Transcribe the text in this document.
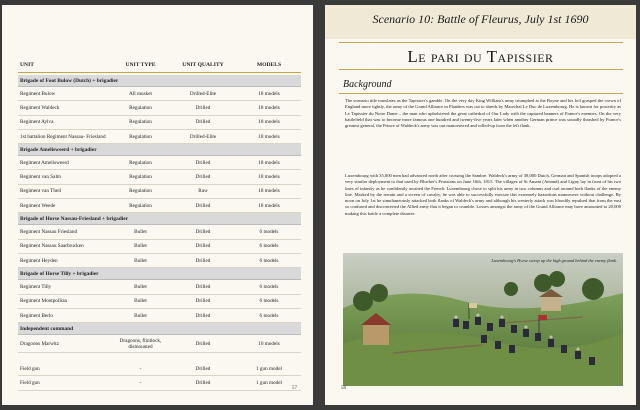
UNIT	UNIT TYPE	UNIT QUALITY	MODELS
Brigade of Foot Bulow (Dutch) + brigadier
Regiment Bulow	All musket	Drilled-Elite	18 models
Regiment Waldeck	Regulation	Drilled	18 models
Regiment Aylva	Regulation	Drilled	18 models
1st battalion Regiment Nassau- Friesland	Regulation	Drilled-Elite	18 models
Brigade Amelisweerd + brigadier
Regiment Amelisweerd	Regulation	Drilled	18 models
Regiment van Salm	Regulation	Drilled	18 models
Regiment van Theil	Regulation	Raw	18 models
Regiment Weede	Regulation	Drilled	18 models
Brigade of Horse Nassau-Friesland + brigadier
Regiment Nassau Friesland	Bullet	Drilled	6 models
Regiment Nassau Saarbrucken	Bullet	Drilled	6 models
Regiment Heyden	Bullet	Drilled	6 models
Brigade of Horse Tilly + brigadier
Regiment Tilly	Bullet	Drilled	6 models
Regiment Montpollian	Bullet	Drilled	6 models
Regiment Berlo	Bullet	Drilled	6 models
Independent command
Dragoons Marwitz	Dragoons, flintlock, dismounted	Drilled	10 models
Field gun	-	Drilled	1 gun model
Field gun	-	Drilled	1 gun model
57
Scenario 10: Battle of Fleurus, July 1st 1690
Le pari du Tapissier
Background

The scenario title translates as the Tapissier's gamble. On the very day King William's army triumphed at the Boyne and his foil grasped the crown of England more tightly, the army of the Grand Alliance in Flanders was cut to shreds by Marechal Le Duc de Luxembourg. He is known for posterity as Le Tapissier du Notre Dame – the man who upholstered the great cathedral of Our Lady with the captured banners of France's enemies. On the very battlefield that was to become more famous one hundred and twenty-five years later when another German prince was soundly thrashed by France's greatest general, the Prince of Waldeck's army was out manoeuvred and rolled-up from the left flank.

Luxembourg with 35,000 men had advanced north after crossing the Sambre. Waldeck's army of 38,000 Dutch, German and Spanish troops adopted a very similar deployment to that used by Blucher's Prussians on June 16th, 1815. The villages of St Amant (Amand) and Ligny lay in front of his two lines of infantry as he confidently awaited the French. Luxembourg chose to split his army in two columns and curl around both flanks of the enemy line. Masked by the terrain and a screen of cavalry, he was able to successfully execute this extremely hazardous manoeuvre without challenge. By noon on July 1st he simultaneously attacked both flanks of Waldeck's army and although his westerly attack was bloodily repulsed that from the east so confused and disconcerted the Allied army that it began to crumble. Losses amongst the army of the Grand Alliance may have amounted to 20,000 making this battle a complete disaster.

Luxembourg's Horse sweep up the high ground behind the enemy flank.
58
